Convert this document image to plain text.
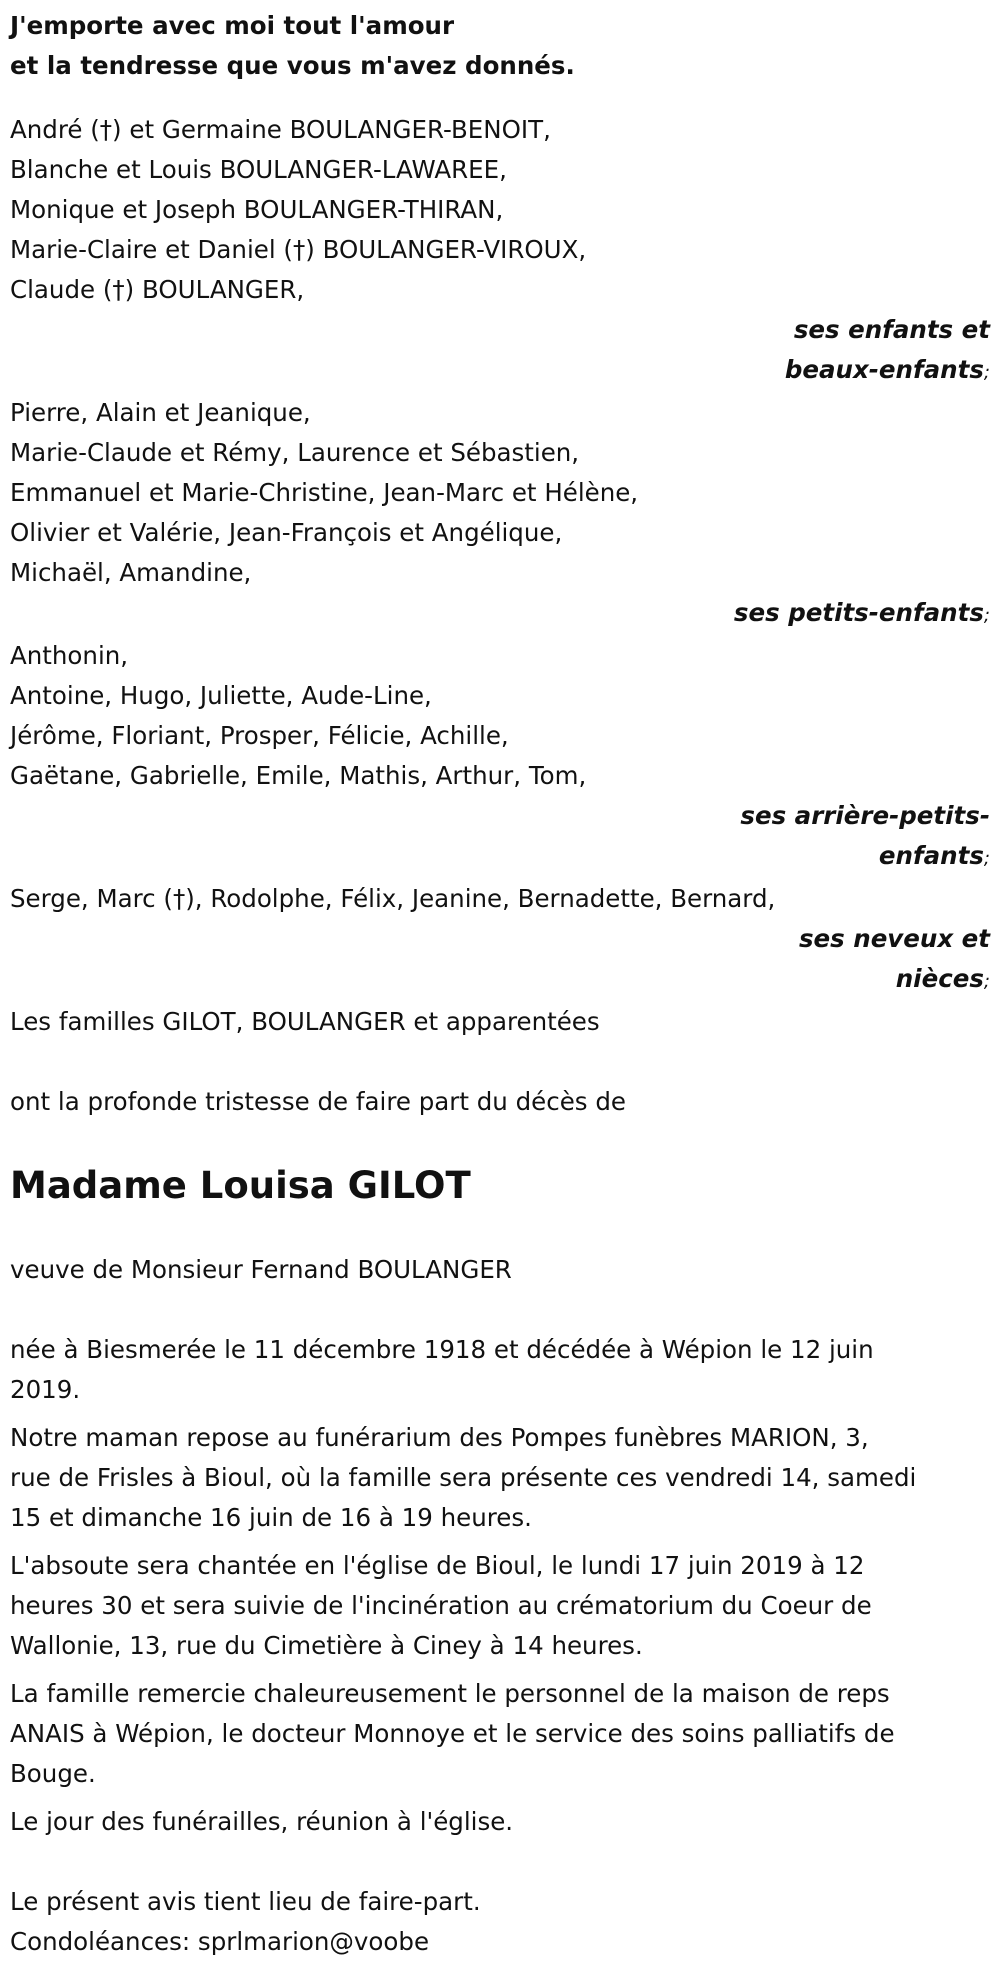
J'emporte avec moi tout l'amour
et la tendresse que vous m'avez donnés.
André (†) et Germaine BOULANGER-BENOIT,
Blanche et Louis BOULANGER-LAWAREE,
Monique et Joseph BOULANGER-THIRAN,
Marie-Claire et Daniel (†) BOULANGER-VIROUX,
Claude (†) BOULANGER,
ses enfants et
beaux-enfants;
Pierre, Alain et Jeanique,
Marie-Claude et Rémy, Laurence et Sébastien,
Emmanuel et Marie-Christine, Jean-Marc et Hélène,
Olivier et Valérie, Jean-François et Angélique,
Michaël, Amandine,
ses petits-enfants;
Anthonin,
Antoine, Hugo, Juliette, Aude-Line,
Jérôme, Floriant, Prosper, Félicie, Achille,
Gaëtane, Gabrielle, Emile, Mathis, Arthur, Tom,
ses arrière-petits-
enfants;
Serge, Marc (†), Rodolphe, Félix, Jeanine, Bernadette, Bernard,
ses neveux et
nièces;
Les familles GILOT, BOULANGER et apparentées
ont la profonde tristesse de faire part du décès de
Madame Louisa GILOT
veuve de Monsieur Fernand BOULANGER
née à Biesmerée le 11 décembre 1918 et décédée à Wépion le 12 juin
2019.
Notre maman repose au funérarium des Pompes funèbres MARION, 3,
rue de Frisles à Bioul, où la famille sera présente ces vendredi 14, samedi
15 et dimanche 16 juin de 16 à 19 heures.
L'absoute sera chantée en l'église de Bioul, le lundi 17 juin 2019 à 12
heures 30 et sera suivie de l'incinération au crématorium du Coeur de
Wallonie, 13, rue du Cimetière à Ciney à 14 heures.
La famille remercie chaleureusement le personnel de la maison de reps
ANAIS à Wépion, le docteur Monnoye et le service des soins palliatifs de
Bouge.
Le jour des funérailles, réunion à l'église.
Le présent avis tient lieu de faire-part.
Condoléances: sprlmarion@voobe
